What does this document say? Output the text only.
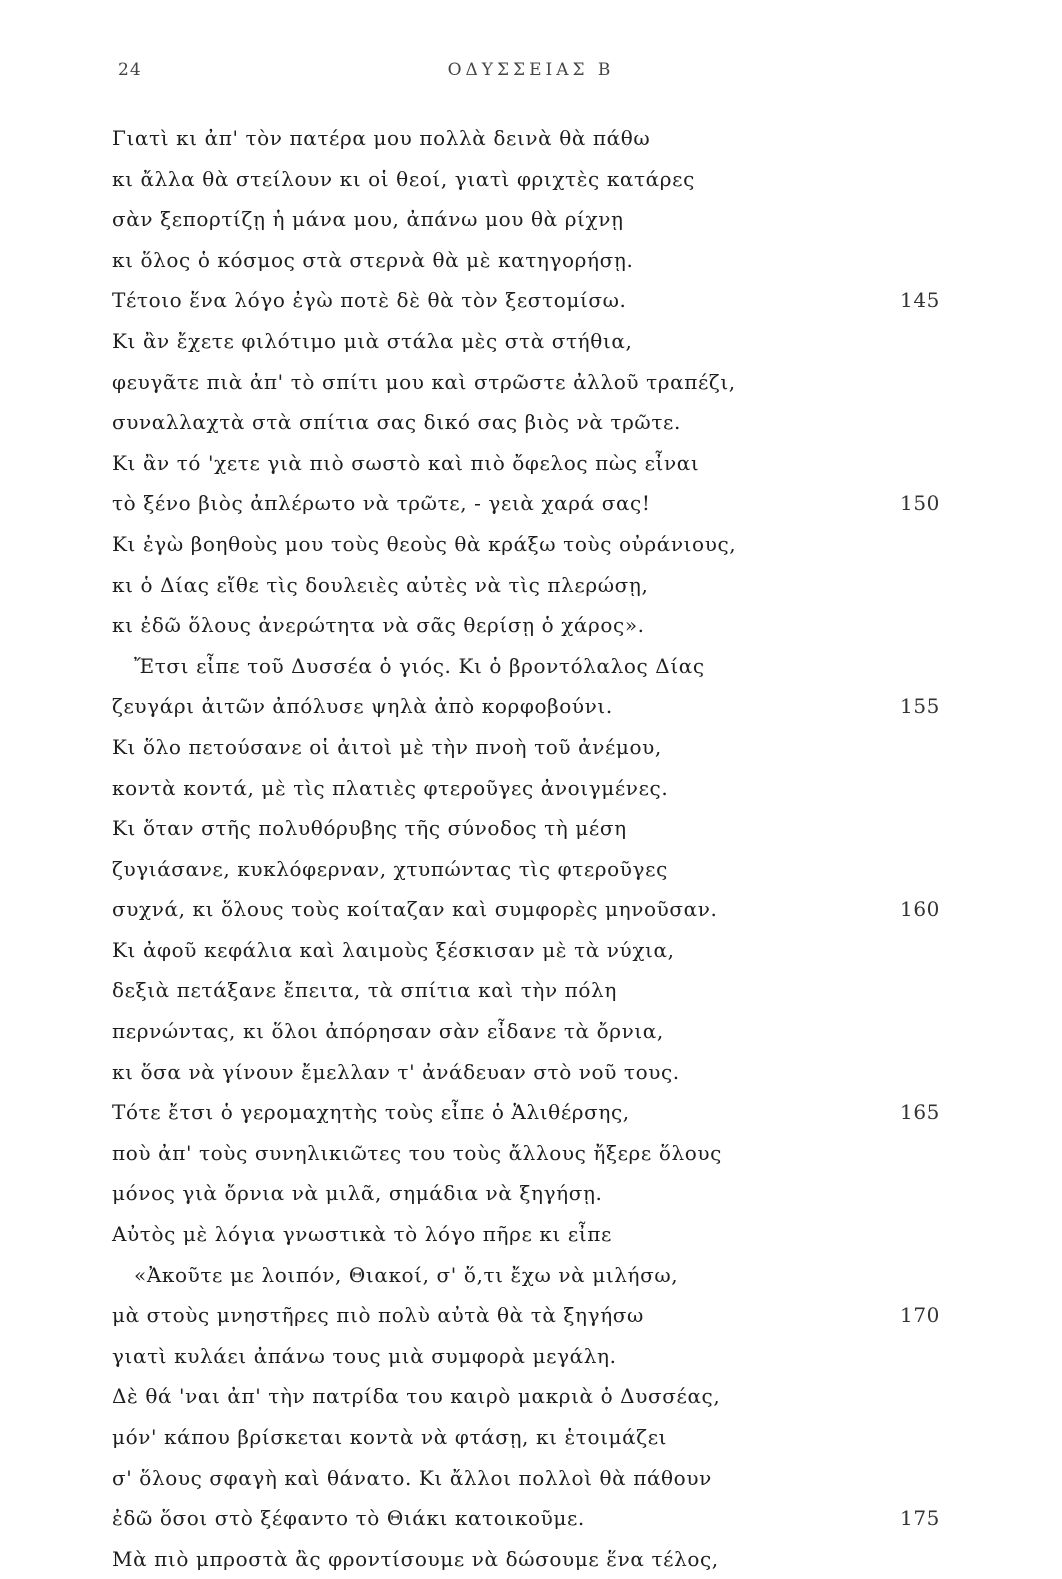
24	ΟΔΥΣΣΕΙΑΣ Β
Γιατὶ κι ἀπ' τὸν πατέρα μου πολλὰ δεινὰ θὰ πάθω
κι ἄλλα θὰ στείλουν κι οἱ θεοί, γιατὶ φριχτὲς κατάρες
σὰν ξεπορτίζῃ ἡ μάνα μου, ἀπάνω μου θὰ ρίχνῃ
κι ὅλος ὁ κόσμος στὰ στερνὰ θὰ μὲ κατηγορήσῃ.
Τέτοιο ἕνα λόγο ἐγὼ ποτὲ δὲ θὰ τὸν ξεστομίσω.	145
Κι ἂν ἔχετε φιλότιμο μιὰ στάλα μὲς στὰ στήθια,
φευγᾶτε πιὰ ἀπ' τὸ σπίτι μου καὶ στρῶστε ἀλλοῦ τραπέζι,
συναλλαχτὰ στὰ σπίτια σας δικό σας βιὸς νὰ τρῶτε.
Κι ἂν τό 'χετε γιὰ πιὸ σωστὸ καὶ πιὸ ὄφελος πὼς εἶναι
τὸ ξένο βιὸς ἀπλέρωτο νὰ τρῶτε, - γειὰ χαρά σας!	150
Κι ἐγὼ βοηθοὺς μου τοὺς θεοὺς θὰ κράξω τοὺς οὐράνιους,
κι ὁ Δίας εἴθε τὶς δουλειὲς αὐτὲς νὰ τὶς πλερώσῃ,
κι ἐδῶ ὅλους ἀνερώτητα νὰ σᾶς θερίσῃ ὁ χάρος».
Ἔτσι εἶπε τοῦ Δυσσέα ὁ γιός. Κι ὁ βροντόλαλος Δίας
ζευγάρι ἀιτῶν ἀπόλυσε ψηλὰ ἀπὸ κορφοβούνι.	155
Κι ὅλο πετούσανε οἱ ἀιτοὶ μὲ τὴν πνοὴ τοῦ ἀνέμου,
κοντὰ κοντά, μὲ τὶς πλατιὲς φτεροῦγες ἀνοιγμένες.
Κι ὅταν στῆς πολυθόρυβης τῆς σύνοδος τὴ μέση
ζυγιάσανε, κυκλόφερναν, χτυπώντας τὶς φτεροῦγες
συχνά, κι ὅλους τοὺς κοίταζαν καὶ συμφορὲς μηνοῦσαν.	160
Κι ἀφοῦ κεφάλια καὶ λαιμοὺς ξέσκισαν μὲ τὰ νύχια,
δεξιὰ πετάξανε ἔπειτα, τὰ σπίτια καὶ τὴν πόλη
περνώντας, κι ὅλοι ἀπόρησαν σὰν εἶδανε τὰ ὄρνια,
κι ὅσα νὰ γίνουν ἔμελλαν τ' ἀνάδευαν στὸ νοῦ τους.
Τότε ἔτσι ὁ γερομαχητὴς τοὺς εἶπε ὁ Ἁλιθέρσης,	165
ποὺ ἀπ' τοὺς συνηλικιῶτες του τοὺς ἄλλους ἤξερε ὅλους
μόνος γιὰ ὄρνια νὰ μιλᾶ, σημάδια νὰ ξηγήσῃ.
Αὐτὸς μὲ λόγια γνωστικὰ τὸ λόγο πῆρε κι εἶπε
«Ἀκοῦτε με λοιπόν, Θιακοί, σ' ὅ,τι ἔχω νὰ μιλήσω,
μὰ στοὺς μνηστῆρες πιὸ πολὺ αὐτὰ θὰ τὰ ξηγήσω	170
γιατὶ κυλάει ἀπάνω τους μιὰ συμφορὰ μεγάλη.
Δὲ θά 'ναι ἀπ' τὴν πατρίδα του καιρὸ μακριὰ ὁ Δυσσέας,
μόν' κάπου βρίσκεται κοντὰ νὰ φτάσῃ, κι ἑτοιμάζει
σ' ὅλους σφαγὴ καὶ θάνατο. Κι ἄλλοι πολλοὶ θὰ πάθουν
ἐδῶ ὅσοι στὸ ξέφαντο τὸ Θιάκι κατοικοῦμε.	175
Μὰ πιὸ μπροστὰ ἂς φροντίσουμε νὰ δώσουμε ἕνα τέλος,
